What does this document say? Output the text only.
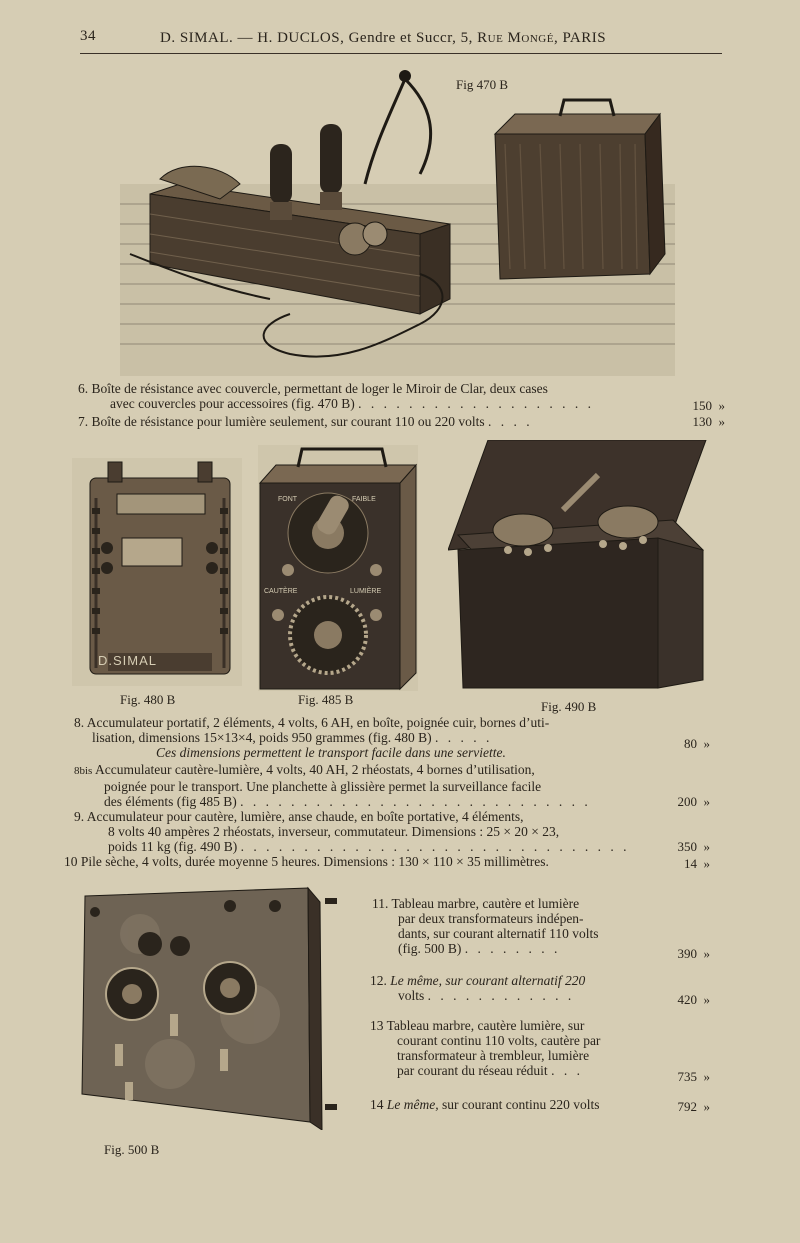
34	D. SIMAL. — H. DUCLOS, Gendre et Succr, 5, Rue Mongé, PARIS
Fig 470 B
6. Boîte de résistance avec couvercle, permettant de loger le Miroir de Clar, deux cases
avec couvercles pour accessoires (fig. 470 B) . . . . . . . . . . . . . . . . . . .	150 »
7. Boîte de résistance pour lumière seulement, sur courant 110 ou 220 volts . . . .	130 »
D.SIMAL
Fig. 480 B
FONT	FAIBLE
CAUTÈRE	LUMIÈRE
Fig. 485 B	Fig. 490 B
8. Accumulateur portatif, 2 éléments, 4 volts, 6 AH, en boîte, poignée cuir, bornes d’uti-
lisation, dimensions 15×13×4, poids 950 grammes (fig. 480 B) . . . . .
Ces dimensions permettent le transport facile dans une serviette.
80 »
8bis Accumulateur cautère-lumière, 4 volts, 40 AH, 2 rhéostats, 4 bornes d’utilisation,
poignée pour le transport. Une planchette à glissière permet la surveillance facile
des éléments (fig 485 B) . . . . . . . . . . . . . . . . . . . . . . . . . . . .	200 »
9. Accumulateur pour cautère, lumière, anse chaude, en boîte portative, 4 éléments,
8 volts 40 ampères 2 rhéostats, inverseur, commutateur. Dimensions : 25 × 20 × 23,
poids 11 kg (fig. 490 B) . . . . . . . . . . . . . . . . . . . . . . . . . . . . . . .	350 »
10 Pile sèche, 4 volts, durée moyenne 5 heures. Dimensions : 130 × 110 × 35 millimètres.	14 »
Fig. 500 B
11. Tableau marbre, cautère et lumière
par deux transformateurs indépen-
dants, sur courant alternatif 110 volts
(fig. 500 B) . . . . . . . .	390 »
12. Le même, sur courant alternatif 220
volts . . . . . . . . . . . .	420 »
13 Tableau marbre, cautère lumière, sur
courant continu 110 volts, cautère par
transformateur à trembleur, lumière
par courant du réseau réduit . . .	735 »
14 Le même, sur courant continu 220 volts	792 »
